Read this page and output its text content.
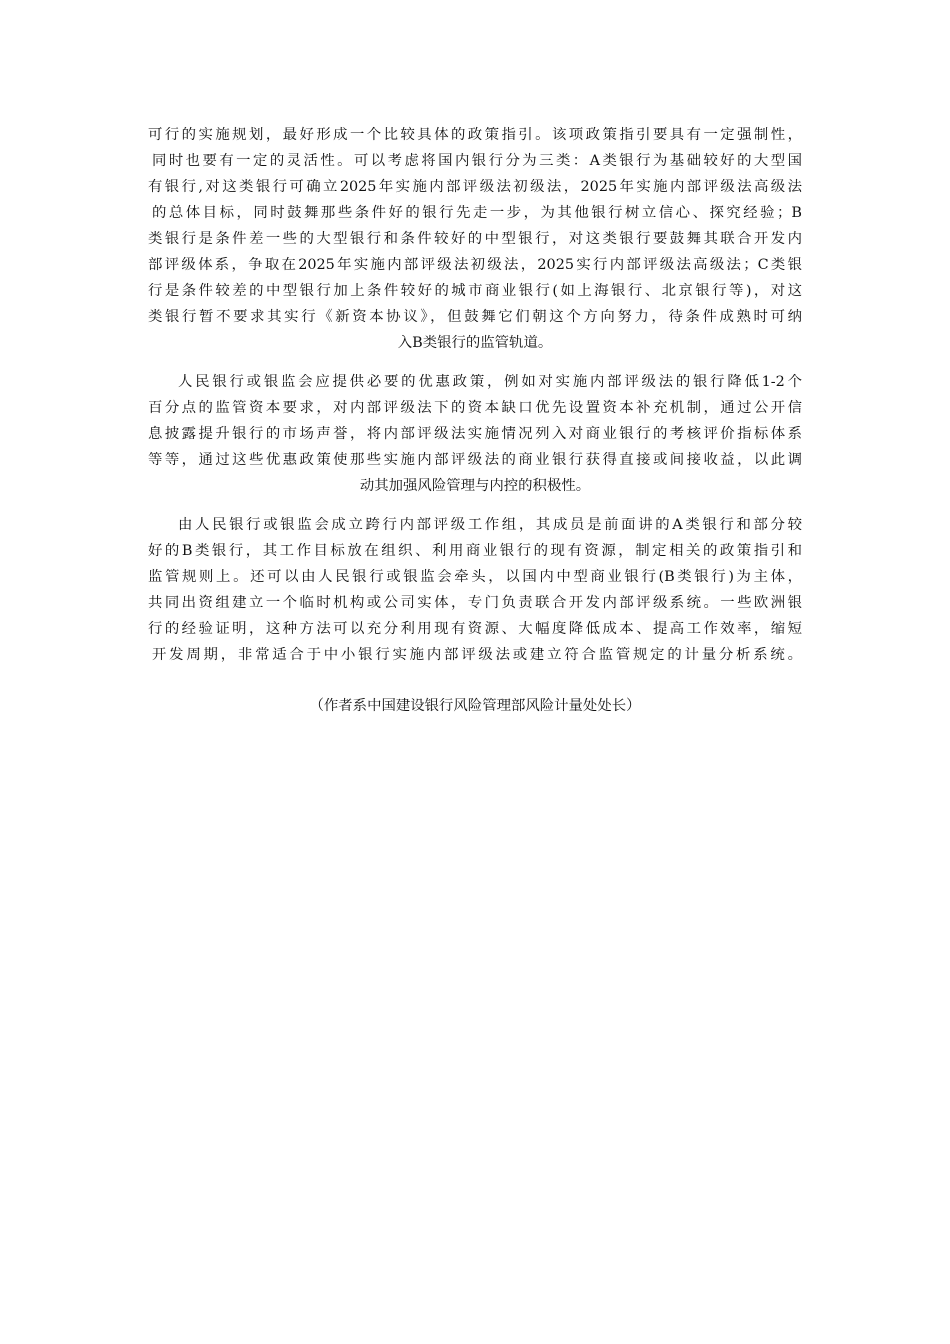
可行的实施规划，最好形成一个比较具体的政策指引。该项政策指引要具有一定强制性，
同时也要有一定的灵活性。可以考虑将国内银行分为三类：A类银行为基础较好的大型国
有银行,对这类银行可确立2025年实施内部评级法初级法，2025年实施内部评级法高级法
的总体目标，同时鼓舞那些条件好的银行先走一步，为其他银行树立信心、探究经验；B
类银行是条件差一些的大型银行和条件较好的中型银行，对这类银行要鼓舞其联合开发内
部评级体系，争取在2025年实施内部评级法初级法，2025实行内部评级法高级法；C类银
行是条件较差的中型银行加上条件较好的城市商业银行(如上海银行、北京银行等)，对这
类银行暂不要求其实行《新资本协议》，但鼓舞它们朝这个方向努力，待条件成熟时可纳
入B类银行的监管轨道。
人民银行或银监会应提供必要的优惠政策，例如对实施内部评级法的银行降低1-2个
百分点的监管资本要求，对内部评级法下的资本缺口优先设置资本补充机制，通过公开信
息披露提升银行的市场声誉，将内部评级法实施情况列入对商业银行的考核评价指标体系
等等，通过这些优惠政策使那些实施内部评级法的商业银行获得直接或间接收益，以此调
动其加强风险管理与内控的积极性。
由人民银行或银监会成立跨行内部评级工作组，其成员是前面讲的A类银行和部分较
好的B类银行，其工作目标放在组织、利用商业银行的现有资源，制定相关的政策指引和
监管规则上。还可以由人民银行或银监会牵头，以国内中型商业银行(B类银行)为主体，
共同出资组建立一个临时机构或公司实体，专门负责联合开发内部评级系统。一些欧洲银
行的经验证明，这种方法可以充分利用现有资源、大幅度降低成本、提高工作效率，缩短
开发周期，非常适合于中小银行实施内部评级法或建立符合监管规定的计量分析系统。
（作者系中国建设银行风险管理部风险计量处处长）
